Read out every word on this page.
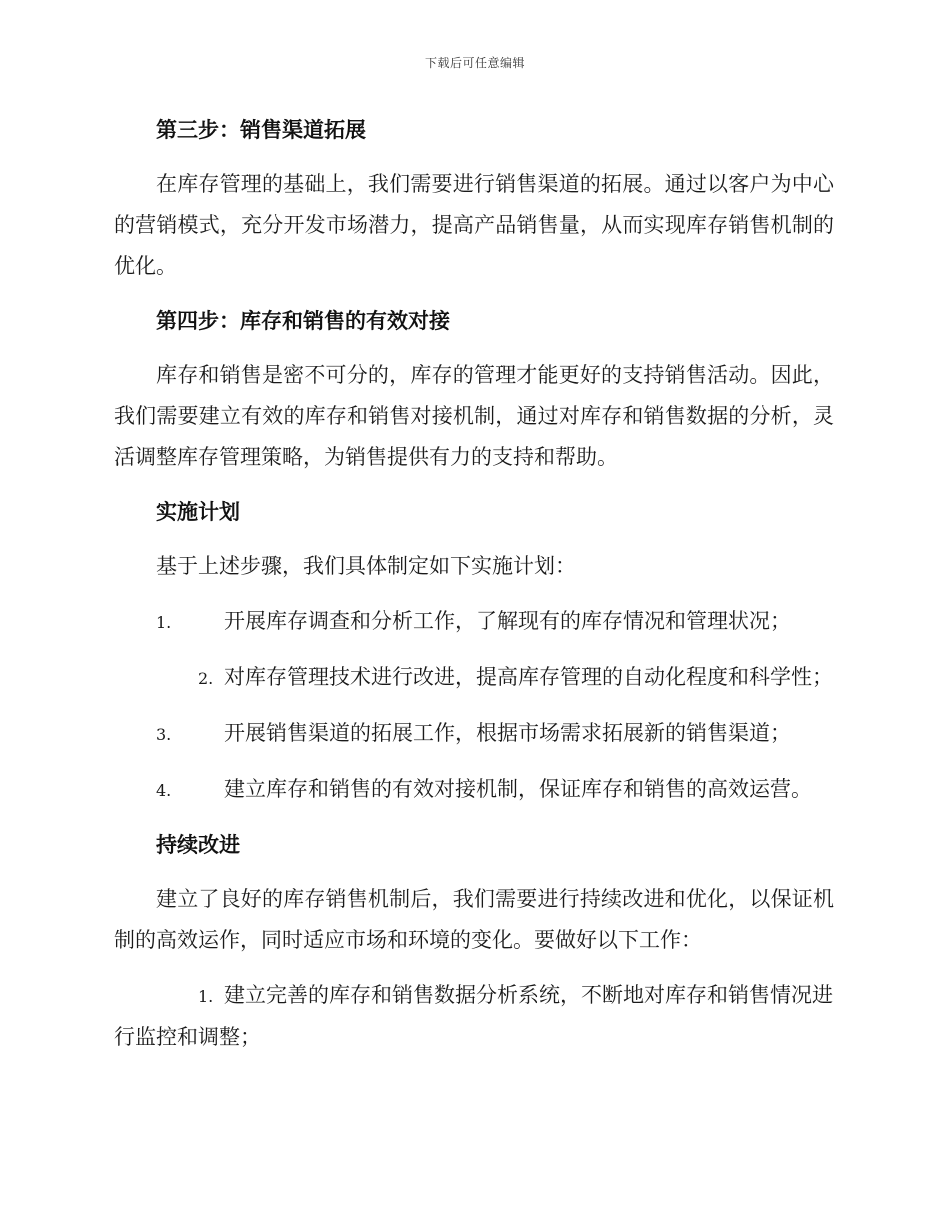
下载后可任意编辑
第三步：销售渠道拓展

在库存管理的基础上，我们需要进行销售渠道的拓展。通过以客户为中心的营销模式，充分开发市场潜力，提高产品销售量，从而实现库存销售机制的优化。

第四步：库存和销售的有效对接

库存和销售是密不可分的，库存的管理才能更好的支持销售活动。因此，我们需要建立有效的库存和销售对接机制，通过对库存和销售数据的分析，灵活调整库存管理策略，为销售提供有力的支持和帮助。

实施计划

基于上述步骤，我们具体制定如下实施计划：

1.	开展库存调查和分析工作，了解现有的库存情况和管理状况；
2. 对库存管理技术进行改进，提高库存管理的自动化程度和科学性；
3.	开展销售渠道的拓展工作，根据市场需求拓展新的销售渠道；
4.	建立库存和销售的有效对接机制，保证库存和销售的高效运营。
持续改进

建立了良好的库存销售机制后，我们需要进行持续改进和优化，以保证机制的高效运作，同时适应市场和环境的变化。要做好以下工作：

1. 建立完善的库存和销售数据分析系统，不断地对库存和销售情况进行监控和调整；
